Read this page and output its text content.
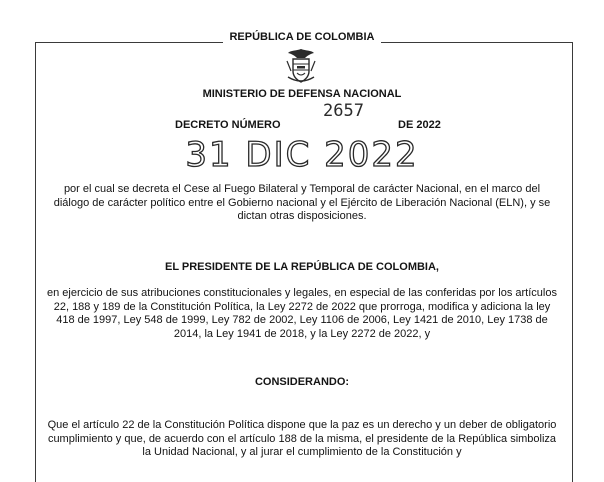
REPÚBLICA DE COLOMBIA
MINISTERIO DE DEFENSA NACIONAL
DECRETO NÚMERO
2657
DE 2022
31 DIC 2022
por el cual se decreta el Cese al Fuego Bilateral y Temporal de carácter Nacional, en el marco del diálogo de carácter político entre el Gobierno nacional y el Ejército de Liberación Nacional (ELN), y se dictan otras disposiciones.
EL PRESIDENTE DE LA REPÚBLICA DE COLOMBIA,
en ejercicio de sus atribuciones constitucionales y legales, en especial de las conferidas por los artículos 22, 188 y 189 de la Constitución Política, la Ley 2272 de 2022 que prorroga, modifica y adiciona la ley 418 de 1997, Ley 548 de 1999, Ley 782 de 2002, Ley 1106 de 2006, Ley 1421 de 2010, Ley 1738 de 2014, la Ley 1941 de 2018, y la Ley 2272 de 2022, y
CONSIDERANDO:
Que el artículo 22 de la Constitución Política dispone que la paz es un derecho y un deber de obligatorio cumplimiento y que, de acuerdo con el artículo 188 de la misma, el presidente de la República simboliza la Unidad Nacional, y al jurar el cumplimiento de la Constitución y
